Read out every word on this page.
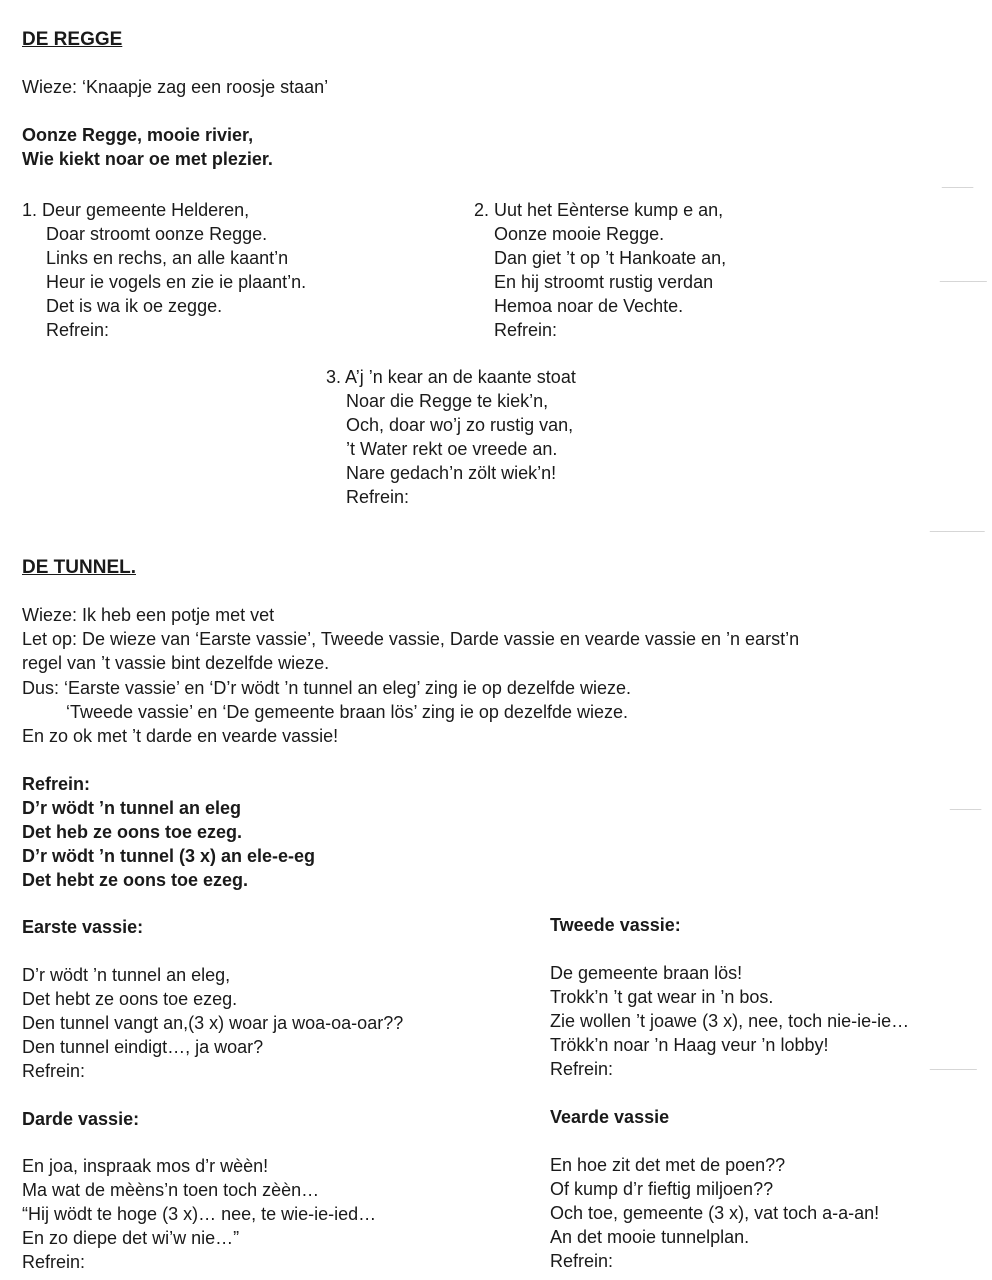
____
______
_______
____
______
DE REGGE
Wieze: ‘Knaapje zag een roosje staan’
Oonze Regge, mooie rivier,
Wie kiekt noar oe met plezier.
1. Deur gemeente Helderen,
Doar stroomt oonze Regge.
Links en rechs, an alle kaant’n
Heur ie vogels en zie ie plaant’n.
Det is wa ik oe zegge.
Refrein:
2. Uut het Eènterse kump e an,
Oonze mooie Regge.
Dan giet ’t op ’t Hankoate an,
En hij stroomt rustig verdan
Hemoa noar de Vechte.
Refrein:
3. A’j ’n kear an de kaante stoat
Noar die Regge te kiek’n,
Och, doar wo’j zo rustig van,
’t Water rekt oe vreede an.
Nare gedach’n zölt wiek’n!
Refrein:
DE TUNNEL.
Wieze: Ik heb een potje met vet
Let op: De wieze van ‘Earste vassie’, Tweede vassie, Darde vassie en vearde vassie en ’n earst’n
regel van ’t vassie bint dezelfde wieze.
Dus: ‘Earste vassie’ en ‘D’r wödt ’n tunnel an eleg’ zing ie op dezelfde wieze.
‘Tweede vassie’ en ‘De gemeente braan lös’ zing ie op dezelfde wieze.
En zo ok met ’t darde en vearde vassie!
Refrein:
D’r wödt ’n tunnel an eleg
Det heb ze oons toe ezeg.
D’r wödt ’n tunnel (3 x) an ele-e-eg
Det hebt ze oons toe ezeg.
Earste vassie:
D’r wödt ’n tunnel an eleg,
Det hebt ze oons toe ezeg.
Den tunnel vangt an,(3 x) woar ja woa-oa-oar??
Den tunnel eindigt…, ja woar?
Refrein:
Tweede vassie:
De gemeente braan lös!
Trokk’n ’t gat wear in ’n bos.
Zie wollen ’t joawe (3 x), nee, toch nie-ie-ie…
Trökk’n noar ’n Haag veur ’n lobby!
Refrein:
Darde vassie:
En joa, inspraak mos d’r wèèn!
Ma wat de mèèns’n toen toch zèèn…
“Hij wödt te hoge (3 x)… nee, te wie-ie-ied…
En zo diepe det wi’w nie…”
Refrein:
Vearde vassie
En hoe zit det met de poen??
Of kump d’r fieftig miljoen??
Och toe, gemeente (3 x), vat toch a-a-an!
An det mooie tunnelplan.
Refrein:
